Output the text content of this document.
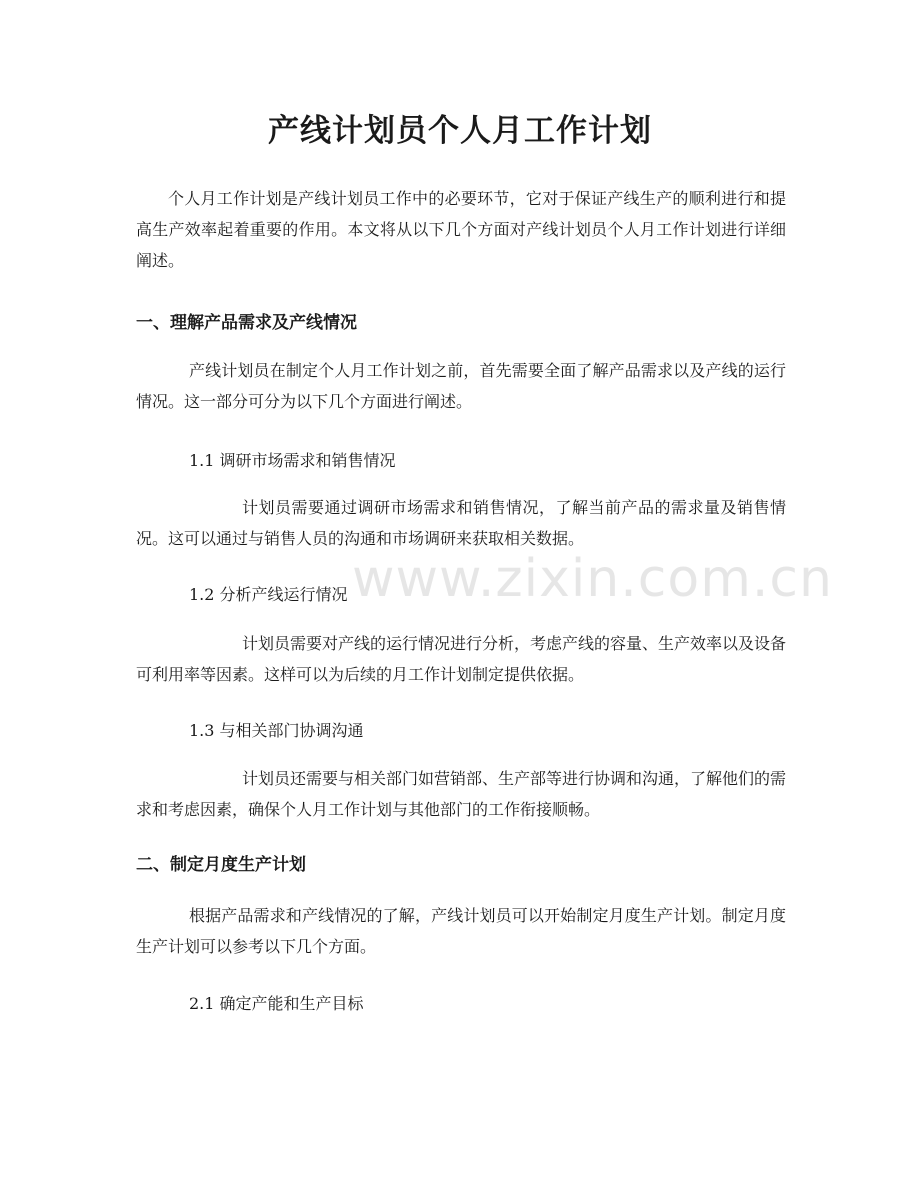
产线计划员个人月工作计划

个人月工作计划是产线计划员工作中的必要环节，它对于保证产线生产的顺利进行和提高生产效率起着重要的作用。本文将从以下几个方面对产线计划员个人月工作计划进行详细阐述。

一、理解产品需求及产线情况

产线计划员在制定个人月工作计划之前，首先需要全面了解产品需求以及产线的运行情况。这一部分可分为以下几个方面进行阐述。

1.1 调研市场需求和销售情况

计划员需要通过调研市场需求和销售情况，了解当前产品的需求量及销售情况。这可以通过与销售人员的沟通和市场调研来获取相关数据。

1.2 分析产线运行情况

计划员需要对产线的运行情况进行分析，考虑产线的容量、生产效率以及设备可利用率等因素。这样可以为后续的月工作计划制定提供依据。

1.3 与相关部门协调沟通

计划员还需要与相关部门如营销部、生产部等进行协调和沟通，了解他们的需求和考虑因素，确保个人月工作计划与其他部门的工作衔接顺畅。

二、制定月度生产计划

根据产品需求和产线情况的了解，产线计划员可以开始制定月度生产计划。制定月度生产计划可以参考以下几个方面。

2.1 确定产能和生产目标

www.zixin.com.cn
